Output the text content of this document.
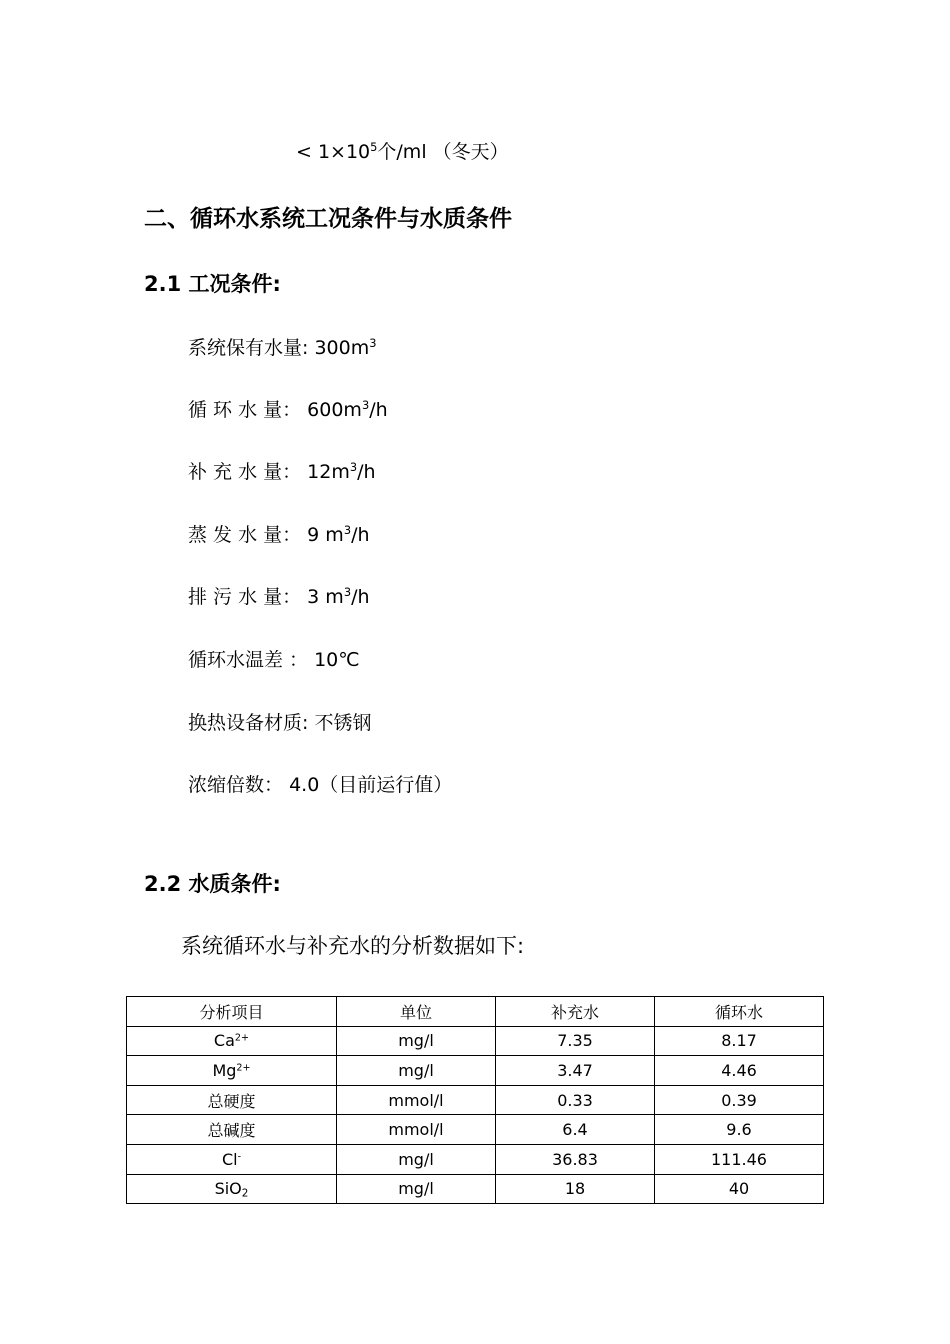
< $1\times 10^5$个/ml （冬天）
二、循环水系统工况条件与水质条件
2.1 工况条件:
系统保有水量: $300m^3$
循 环 水 量： $600m^3/h$
补 充 水 量： $12m^3/h$
蒸 发 水 量： 9 $m^3/h$
排 污 水 量： 3 $m^3/h$
循环水温差 ： 10℃
换热设备材质: 不锈钢
浓缩倍数： 4.0（目前运行值）
2.2 水质条件:
系统循环水与补充水的分析数据如下:
分析项目	单位	补充水	循环水
$Ca^{2+}$	mg/l	7.35	8.17
$Mg^{2+}$	mg/l	3.47	4.46
总硬度	mmol/l	0.33	0.39
总碱度	mmol/l	6.4	9.6
Cl-	mg/l	36.83	111.46
SiO$_2$	mg/l	18	40
